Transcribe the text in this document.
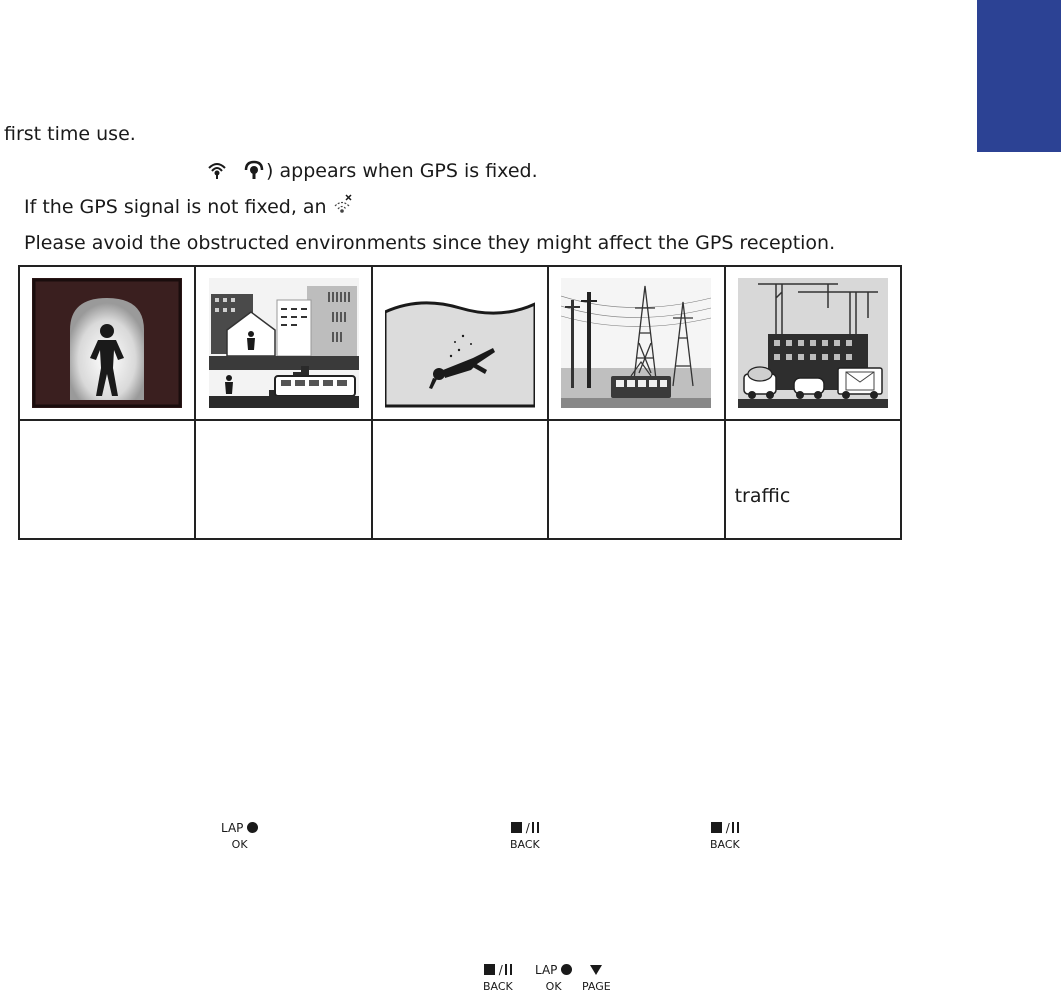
first time use.
) appears when GPS is fixed.
If the GPS signal is not fixed, an
Please avoid the obstructed environments since they might affect the GPS reception.

				traffic
LAP
OK
/
BACK
/
BACK
/
BACK
LAP
OK	PAGE
